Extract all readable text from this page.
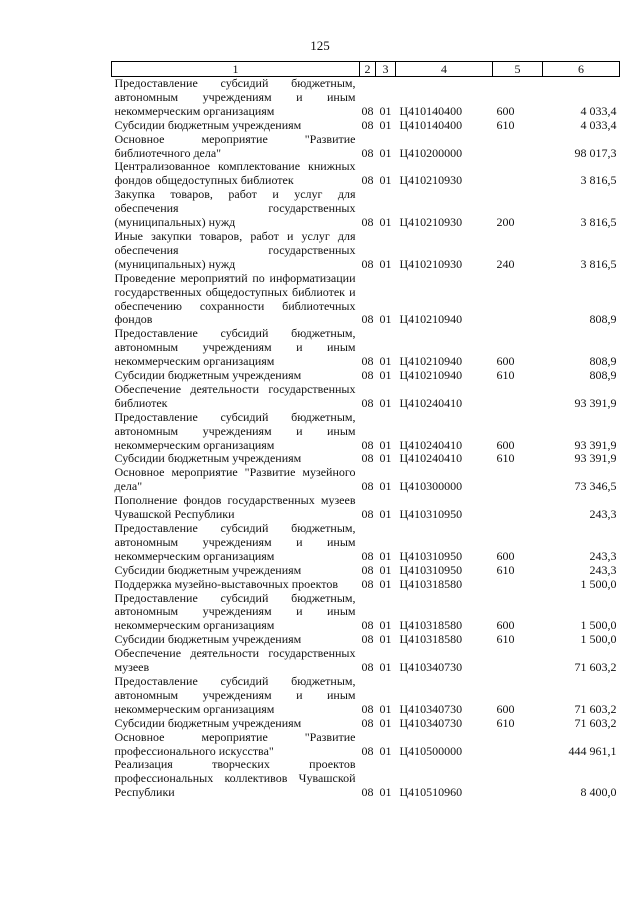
125
1	2	3	4	5	6
Предоставление субсидий бюджетным, автономным учреждениям и иным некоммерческим организациям	08	01	Ц410140400	600	4 033,4
Субсидии бюджетным учреждениям	08	01	Ц410140400	610	4 033,4
Основное мероприятие "Развитие библиотечного дела"	08	01	Ц410200000		98 017,3
Централизованное комплектование книжных фондов общедоступных библиотек	08	01	Ц410210930		3 816,5
Закупка товаров, работ и услуг для обеспечения государственных (муниципальных) нужд	08	01	Ц410210930	200	3 816,5
Иные закупки товаров, работ и услуг для обеспечения государственных (муниципальных) нужд	08	01	Ц410210930	240	3 816,5
Проведение мероприятий по информатизации государственных общедоступных библиотек и обеспечению сохранности библиотечных фондов	08	01	Ц410210940		808,9
Предоставление субсидий бюджетным, автономным учреждениям и иным некоммерческим организациям	08	01	Ц410210940	600	808,9
Субсидии бюджетным учреждениям	08	01	Ц410210940	610	808,9
Обеспечение деятельности государственных библиотек	08	01	Ц410240410		93 391,9
Предоставление субсидий бюджетным, автономным учреждениям и иным некоммерческим организациям	08	01	Ц410240410	600	93 391,9
Субсидии бюджетным учреждениям	08	01	Ц410240410	610	93 391,9
Основное мероприятие "Развитие музейного дела"	08	01	Ц410300000		73 346,5
Пополнение фондов государственных музеев Чувашской Республики	08	01	Ц410310950		243,3
Предоставление субсидий бюджетным, автономным учреждениям и иным некоммерческим организациям	08	01	Ц410310950	600	243,3
Субсидии бюджетным учреждениям	08	01	Ц410310950	610	243,3
Поддержка музейно-выставочных проектов	08	01	Ц410318580		1 500,0
Предоставление субсидий бюджетным, автономным учреждениям и иным некоммерческим организациям	08	01	Ц410318580	600	1 500,0
Субсидии бюджетным учреждениям	08	01	Ц410318580	610	1 500,0
Обеспечение деятельности государственных музеев	08	01	Ц410340730		71 603,2
Предоставление субсидий бюджетным, автономным учреждениям и иным некоммерческим организациям	08	01	Ц410340730	600	71 603,2
Субсидии бюджетным учреждениям	08	01	Ц410340730	610	71 603,2
Основное мероприятие "Развитие профессионального искусства"	08	01	Ц410500000		444 961,1
Реализация творческих проектов профессиональных коллективов Чувашской Республики	08	01	Ц410510960		8 400,0
